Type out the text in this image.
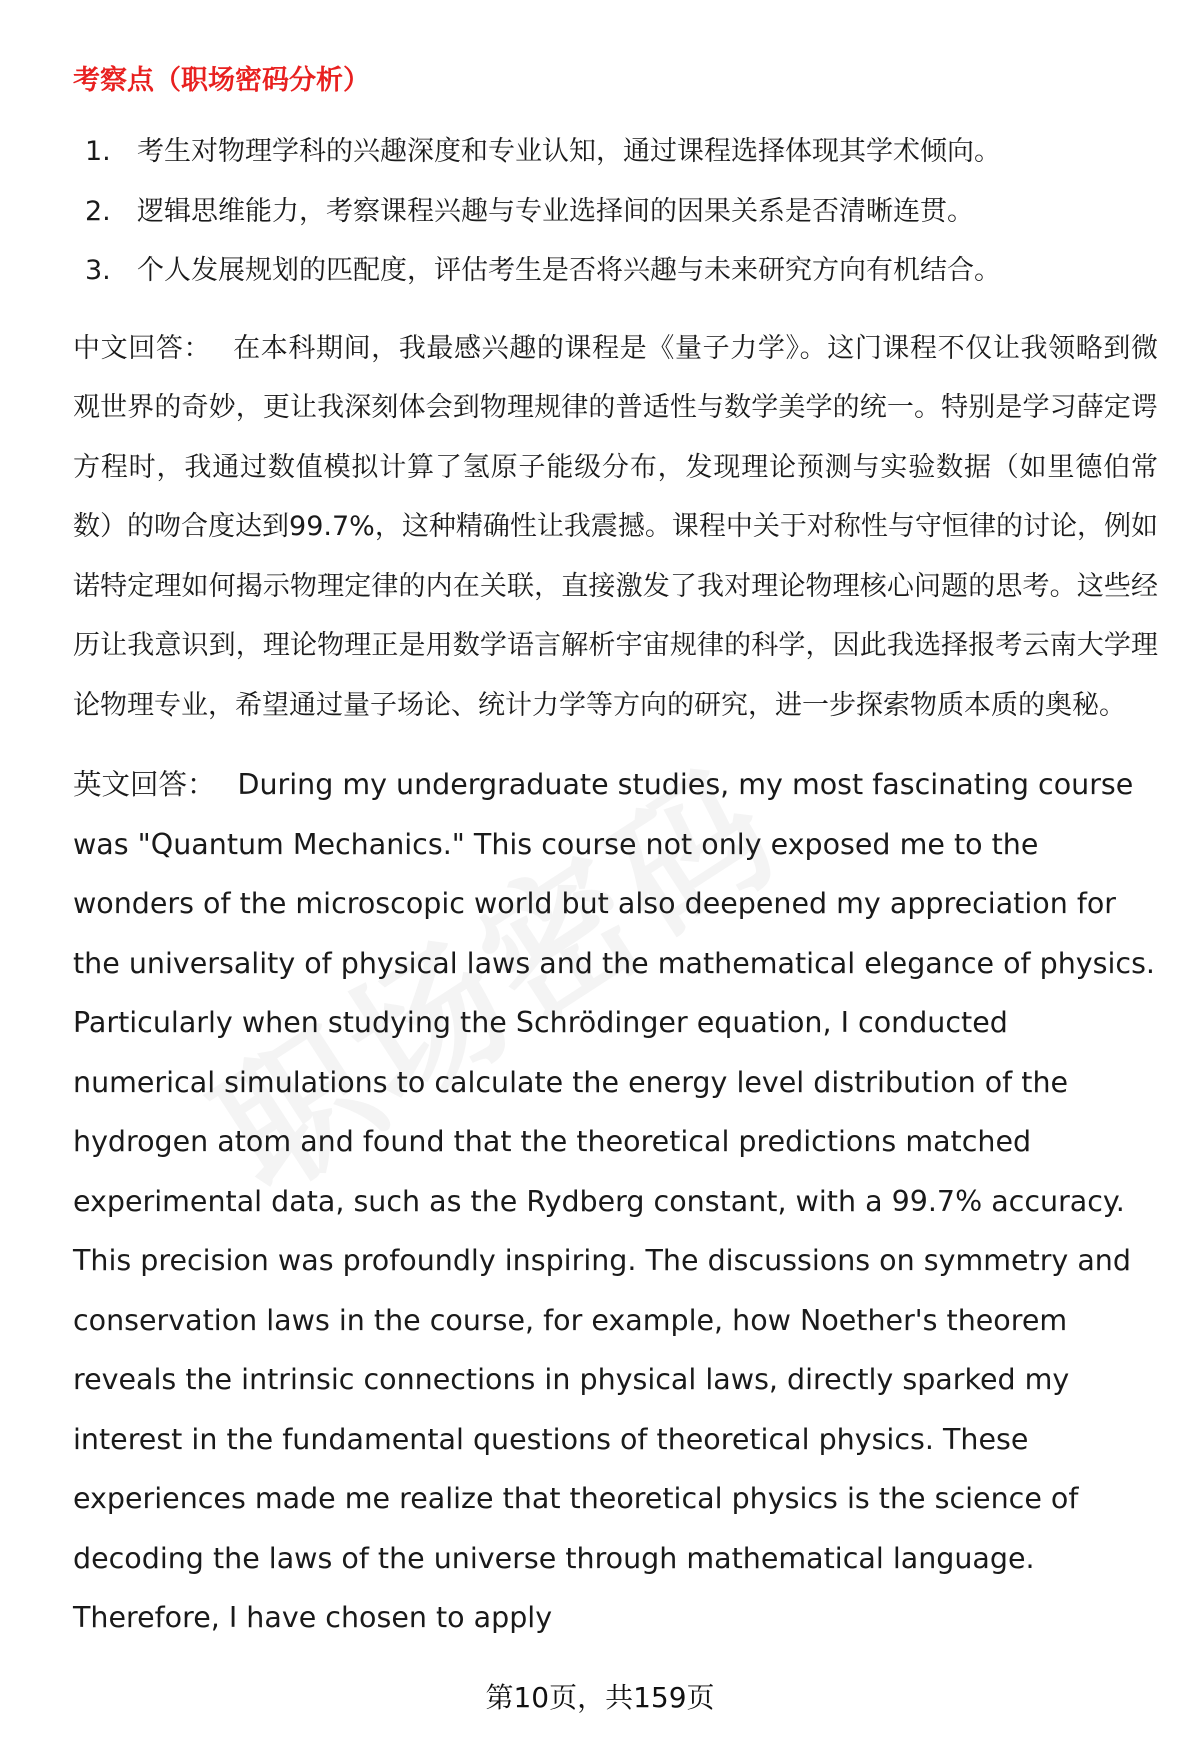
考察点（职场密码分析）
1. 考生对物理学科的兴趣深度和专业认知，通过课程选择体现其学术倾向。
2. 逻辑思维能力，考察课程兴趣与专业选择间的因果关系是否清晰连贯。
3. 个人发展规划的匹配度，评估考生是否将兴趣与未来研究方向有机结合。

中文回答： 在本科期间，我最感兴趣的课程是《量子力学》。这门课程不仅让我领略到微观世界的奇妙，更让我深刻体会到物理规律的普适性与数学美学的统一。特别是学习薛定谔方程时，我通过数值模拟计算了氢原子能级分布，发现理论预测与实验数据（如里德伯常数）的吻合度达到99.7%，这种精确性让我震撼。课程中关于对称性与守恒律的讨论，例如诺特定理如何揭示物理定律的内在关联，直接激发了我对理论物理核心问题的思考。这些经历让我意识到，理论物理正是用数学语言解析宇宙规律的科学，因此我选择报考云南大学理论物理专业，希望通过量子场论、统计力学等方向的研究，进一步探索物质本质的奥秘。

英文回答： During my undergraduate studies, my most fascinating course was "Quantum Mechanics." This course not only exposed me to the wonders of the microscopic world but also deepened my appreciation for the universality of physical laws and the mathematical elegance of physics. Particularly when studying the Schrödinger equation, I conducted numerical simulations to calculate the energy level distribution of the hydrogen atom and found that the theoretical predictions matched experimental data, such as the Rydberg constant, with a 99.7% accuracy. This precision was profoundly inspiring. The discussions on symmetry and conservation laws in the course, for example, how Noether's theorem reveals the intrinsic connections in physical laws, directly sparked my interest in the fundamental questions of theoretical physics. These experiences made me realize that theoretical physics is the science of decoding the laws of the universe through mathematical language. Therefore, I have chosen to apply

第10页，共159页
